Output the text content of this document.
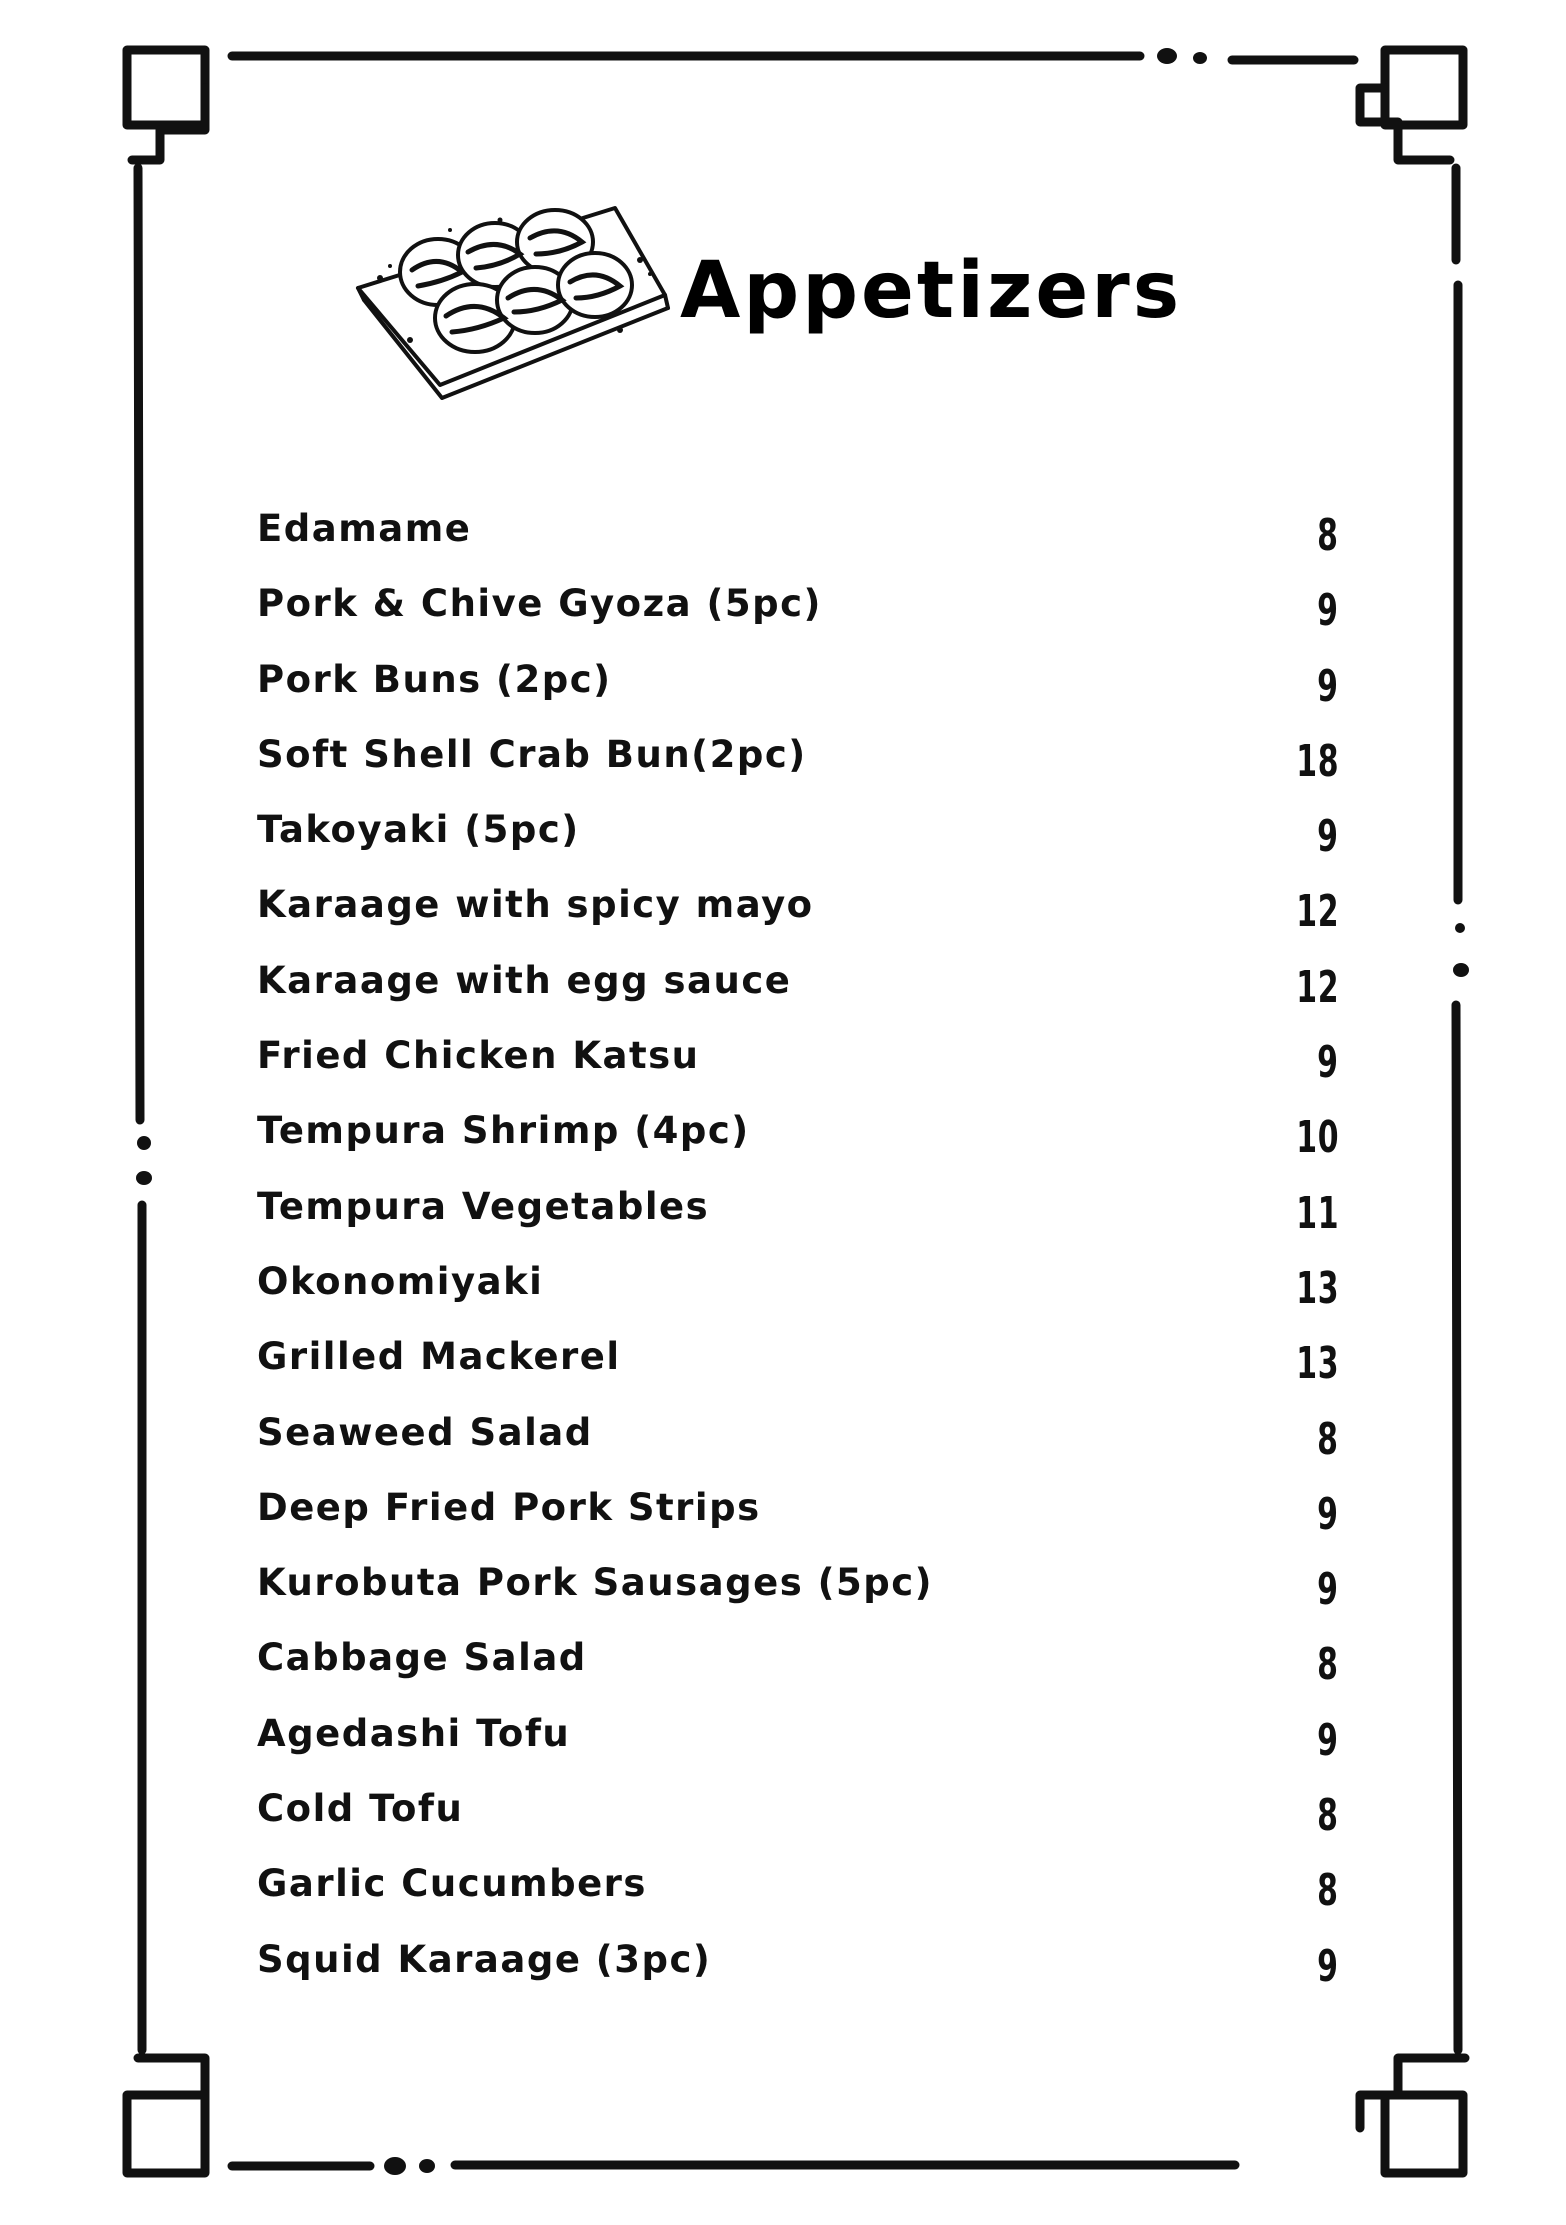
Appetizers
Edamame	8
Pork & Chive Gyoza (5pc)	9
Pork Buns (2pc)	9
Soft Shell Crab Bun(2pc)	18
Takoyaki (5pc)	9
Karaage with spicy mayo	12
Karaage with egg sauce	12
Fried Chicken Katsu	9
Tempura Shrimp (4pc)	10
Tempura Vegetables	11
Okonomiyaki	13
Grilled Mackerel	13
Seaweed Salad	8
Deep Fried Pork Strips	9
Kurobuta Pork Sausages (5pc)	9
Cabbage Salad	8
Agedashi Tofu	9
Cold Tofu	8
Garlic Cucumbers	8
Squid Karaage (3pc)	9
